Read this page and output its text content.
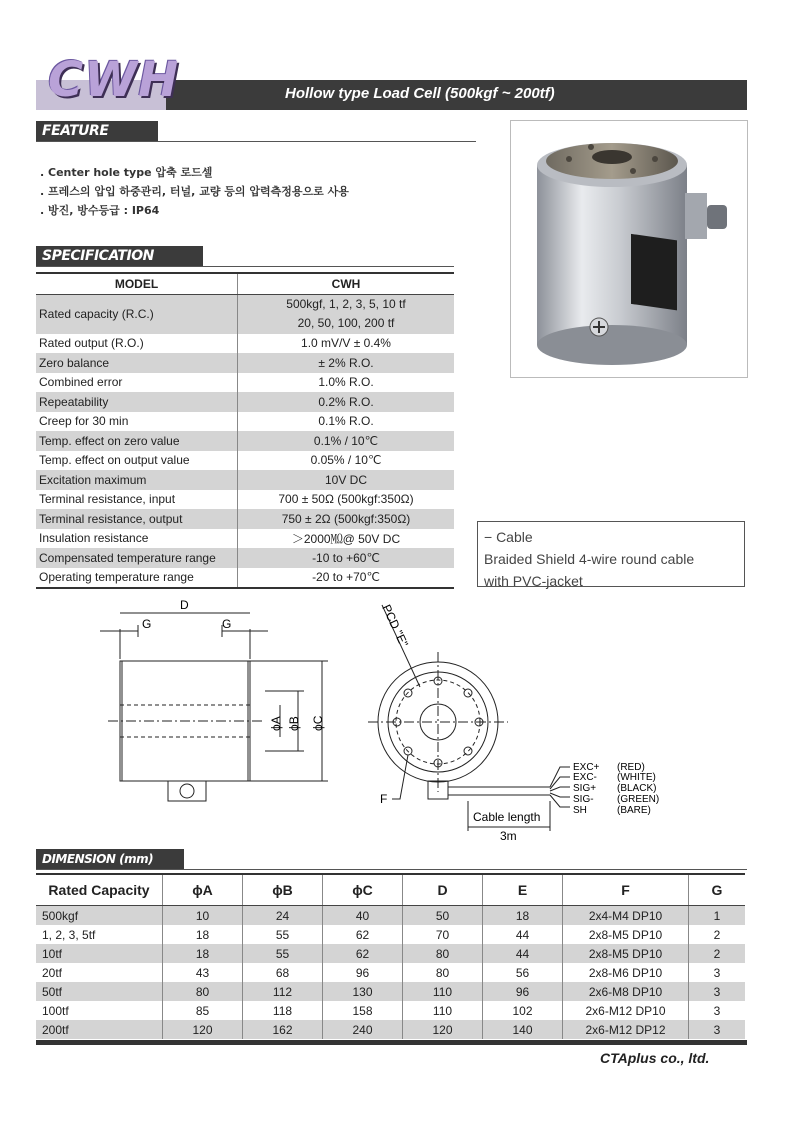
CWH	Hollow type Load Cell (500kgf ~ 200tf)
FEATURE
. Center hole type 압축 로드셀
. 프레스의 압입 하중관리, 터널, 교량 등의 압력측정용으로 사용
. 방진, 방수등급 : IP64
SPECIFICATION
MODEL	CWH
Rated capacity (R.C.)	500kgf, 1, 2, 3, 5, 10 tf
20, 50, 100, 200 tf

Rated output (R.O.)	1.0 mV/V ± 0.4%
Zero balance	± 2% R.O.
Combined error	1.0% R.O.
Repeatability	0.2% R.O.
Creep for 30 min	0.1% R.O.
Temp. effect on zero value	0.1% / 10℃
Temp. effect on output value	0.05% / 10℃
Excitation maximum	10V DC
Terminal resistance, input	700 ± 50Ω (500kgf:350Ω)
Terminal resistance, output	750 ± 2Ω (500kgf:350Ω)
Insulation resistance	＞2000㏁@ 50V DC
Compensated temperature range	-10 to +60℃
Operating temperature range	-20 to +70℃
− Cable
Braided Shield 4-wire round cable
with PVC-jacket
D
G	G
ϕA ϕB ϕC
PCD "E"
F
Cable length
3m
EXC+ (RED)
EXC- (WHITE)
SIG+ (BLACK)
SIG- (GREEN)
SH	(BARE)
DIMENSION (mm)
Rated Capacity	ϕA	ϕB	ϕC	D	E	F	G
500kgf	10	24	40	50	18	2x4-M4 DP10	1
1, 2, 3, 5tf	18	55	62	70	44	2x8-M5 DP10	2
10tf	18	55	62	80	44	2x8-M5 DP10	2
20tf	43	68	96	80	56	2x8-M6 DP10	3
50tf	80	112	130	110	96	2x6-M8 DP10	3
100tf	85	118	158	110	102	2x6-M12 DP10	3
200tf	120	162	240	120	140	2x6-M12 DP12	3
CTAplus co., ltd.
